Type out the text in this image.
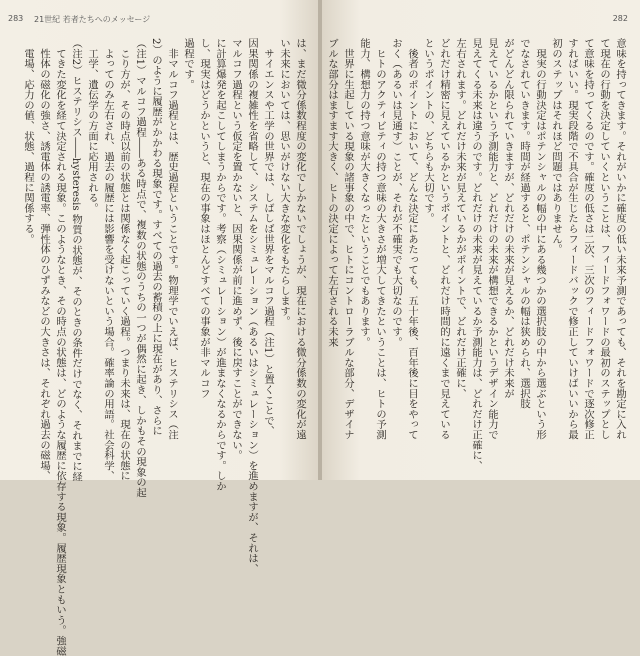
283 21世紀 若者たちへのメッセージ

は、まだ微分係数程度の変化でしかないでしょうが、現在における微分係数の変化が遠

い未来においては、思いがけない大きな変化をもたらします。

　サイエンスや工学の世界では、しばしば世界をマルコフ過程（注1）と置くことで、

因果関係の複雑性を省略して、システムをシミュレーション（あるいはシミュレーション）を進めますが、それは、

マルコフ過程という仮定を置かないと、因果関係が前に進めず、後に戻すことができない。

に計算爆発を起こしてしまうからです。考察（シミュレーション）が進まなくなるからです。しか

し、現実はどうかというと、現在の事象はほとんどすべての事象が非マルコフ

過程です。

　非マルコフ過程とは、歴史過程ということです。物理学でいえば、ヒステリシス（注

2）のように履歴がかかわる現象です。すべての過去の蓄積の上に現在があり、さらに

（注1）マルコフ過程――ある時点で、複数の状態のうちの一つが偶然に起き、しかもその現象の起

　こり方が、その時点以前の状態とは関係なく起こっていく過程。つまり未来は、現在の状態に

　よってのみ左右され、過去の履歴には影響を受けないという場合。確率論の用語。社会科学、

　工学、遺伝学の方面に応用される。

（注2）ヒステリシス――hysteresis 物質の状態が、そのときの条件だけでなく、それまでに経

　てきた変化を経て決定される現象。このようなとき、その時点の状態は、どのような履歴に依存する現象。履歴現象ともいう。強磁

　性体の磁化の強さ、誘電体の誘電率、弾性体のひずみなどの大きさは、それぞれ過去の磁場、

　電場、応力の値、状態、過程に関係する。

282

意味を持ってきます。それがいかに確度の低い未来予測であっても、それを勘定に入れ

て現在の行動を決定していくということは、フィードフォワードの最初のステップとし

て意味を持ってくるのです。確度の低さは二次、三次のフィードフォワードで逐次修正

すればいい。現実段階で不具合が生じたらフィードバックで修正していけばいいから最

初のステップはそれほど問題ではありません。

　現実の行動決定はポテンシャルの幅の中にある幾つかの選択肢の中から選ぶという形

でなされていきます。時間が経過すると、ポテンシャルの幅は狭められ、選択肢

がどんどん限られていきますが、どれだけの未来が見えるか、どれだけ未来が

見えているかという予測能力と、どれだけの未来が構想できるかというデザイン能力で

見えてくる未来は違うのです。どれだけの未来が見えているか予測能力は、どれだけ正確に、

左右されます。どれだけ未来が見えているかがポイントで、どれだけ正確に、

どれだけ精密に見えているかというポイントと、どれだけ時間的に遠くまで見えている

というポイントの、どちらも大切です。

　後者のポイントにおいて、どんな決定にあたっても、五十年後、百年後に目をやって

おく（あるいは見通す）ことが、それが不確実でも大切なのです。

　ヒトのアクティビティの持つ意味の大きさが増大してきたということは、ヒトの予測

能力、構想力の持つ意味が大きくなったということでもあります。

　世界に生起している現象の諸事象の中で、ヒトにコントローラブルな部分、デザイナ

ブルな部分はますます大きく、ヒトの決定によって左右される未来
